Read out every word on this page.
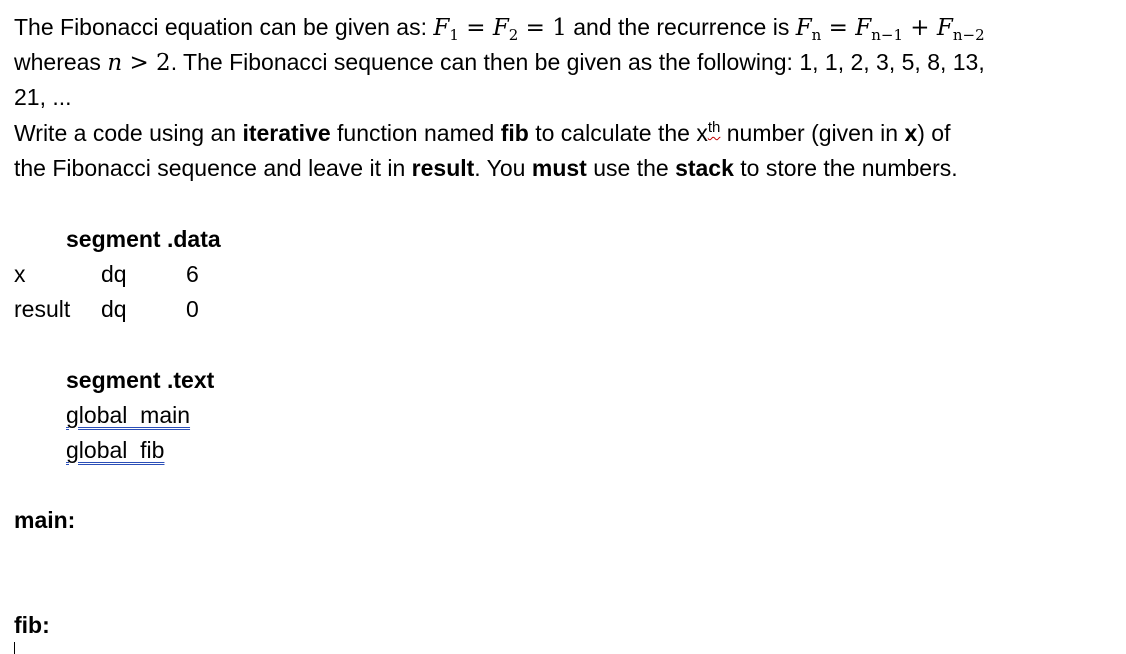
The Fibonacci equation can be given as: $F_1 = F_2 = 1$ and the recurrence is $F_n = F_{n-1} + F_{n-2}$
whereas n > 2. The Fibonacci sequence can then be given as the following: 1, 1, 2, 3, 5, 8, 13,
21, ...
Write a code using an iterative function named fib to calculate the $x^{th}$ number (given in x) of
the Fibonacci sequence and leave it in result. You must use the stack to store the numbers.
segment .data
x	dq	6
result dq	0
segment .text
global  main
global  fib
main:
fib:
